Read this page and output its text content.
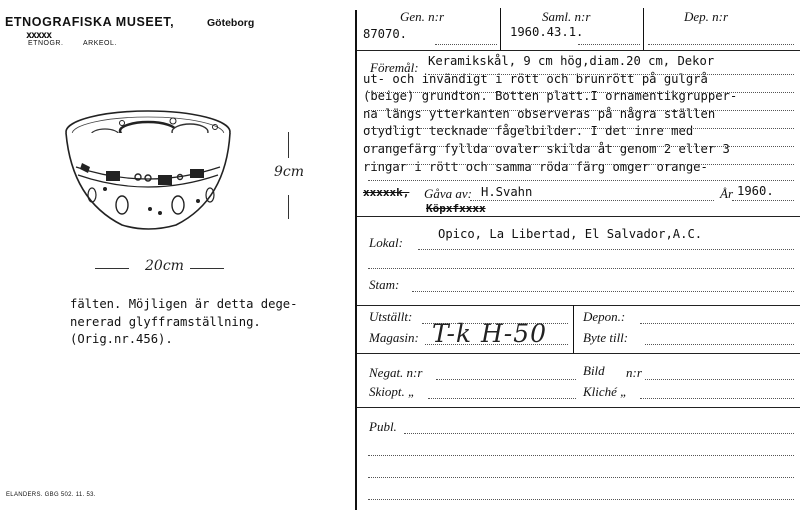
ETNOGRAFISKA MUSEET,	Göteborg
xxxxx
ETNOGR.	ARKEOL.
9cm
20cm
fälten. Möjligen är detta dege-
nererad glyfframställning.
(Orig.nr.456).
ELANDERS. GBG 502. 11. 53.
Gen. n:r	Saml. n:r	Dep. n:r
87070.	1960.43.1.
Föremål: Keramikskål, 9 cm hög,diam.20 cm, Dekor
ut- och invändigt i rött och brunrött på gulgrå
(beige) grundton. Botten platt.I ornamentikgrupper-
na längs ytterkanten observeras på några ställen
otydligt tecknade fågelbilder. I det inre med
orangefärg fyllda ovaler skilda åt genom 2 eller 3
ringar i rött och samma röda färg omger orange-
xxxxxk, Gåva av: H.Svahn
Köpxfxxxx
År 1960.
Lokal:
Opico, La Libertad, El Salvador,A.C.
Stam:
Utställt:	Depon.:
Magasin: T-k H-50	Byte till:
Negat. n:r	Bild n:r
Skiopt. „	Kliché „
Publ.
